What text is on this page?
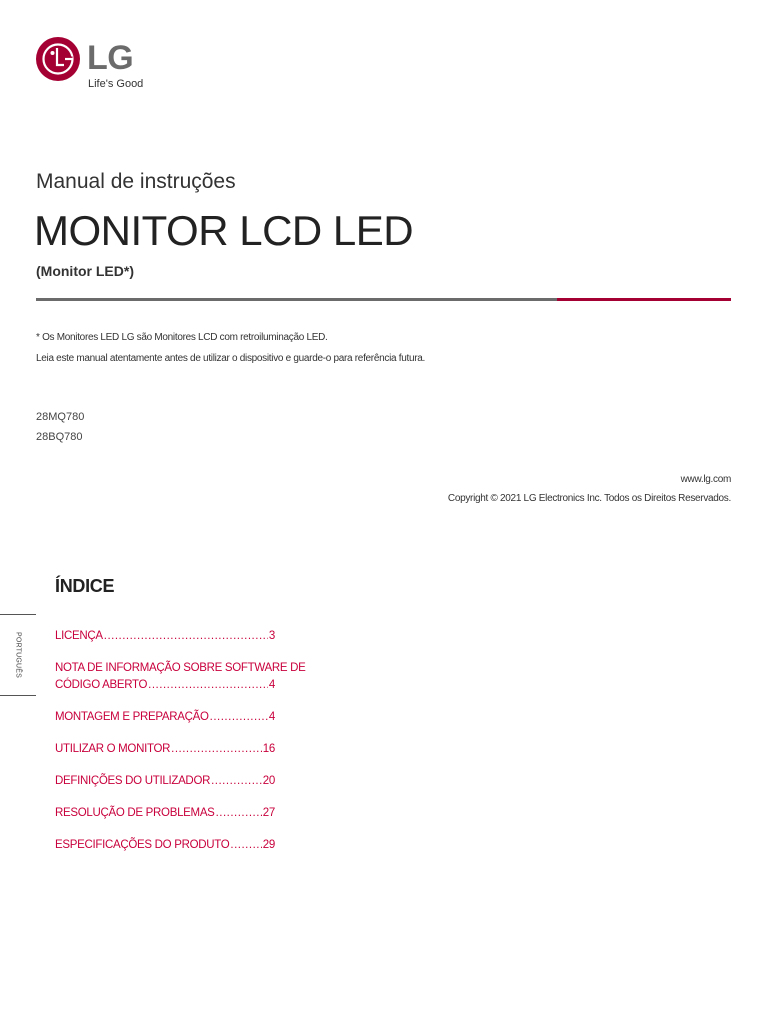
LG
Life's Good
Manual de instruções
MONITOR LCD LED
(Monitor LED*)
* Os Monitores LED LG são Monitores LCD com retroiluminação LED.
Leia este manual atentamente antes de utilizar o dispositivo e guarde-o para referência futura.
28MQ780
28BQ780
www.lg.com
Copyright © 2021 LG Electronics Inc. Todos os Direitos Reservados.
ÍNDICE
PORTUGUÊS	LICENÇA .....	3
NOTA DE INFORMAÇÃO SOBRE SOFTWARE DE
CÓDIGO ABERTO .....	4
MONTAGEM E PREPARAÇÃO .....	4
UTILIZAR O MONITOR .....	16
DEFINIÇÕES DO UTILIZADOR .....	20
RESOLUÇÃO DE PROBLEMAS .....	27
ESPECIFICAÇÕES DO PRODUTO .....	29
